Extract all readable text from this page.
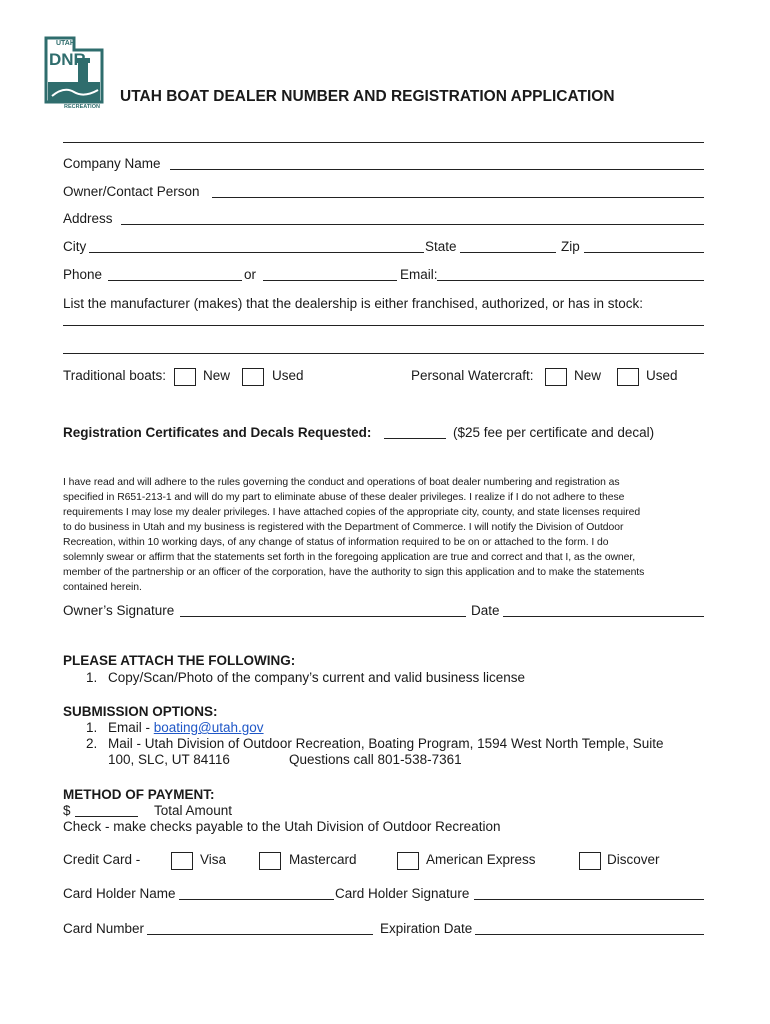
UTAH
DNR
RECREATION
UTAH BOAT DEALER NUMBER AND REGISTRATION APPLICATION
Company Name
Owner/Contact Person
Address
City	State	Zip
Phone	or	Email:
List the manufacturer (makes) that the dealership is either franchised, authorized, or has in stock:
Traditional boats:	New	Used	Personal Watercraft:	New	Used
Registration Certificates and Decals Requested:	($25 fee per certificate and decal)
I have read and will adhere to the rules governing the conduct and operations of boat dealer numbering and registration as
specified in R651-213-1 and will do my part to eliminate abuse of these dealer privileges. I realize if I do not adhere to these
requirements I may lose my dealer privileges. I have attached copies of the appropriate city, county, and state licenses required
to do business in Utah and my business is registered with the Department of Commerce. I will notify the Division of Outdoor
Recreation, within 10 working days, of any change of status of information required to be on or attached to the form. I do
solemnly swear or affirm that the statements set forth in the foregoing application are true and correct and that I, as the owner,
member of the partnership or an officer of the corporation, have the authority to sign this application and to make the statements
contained herein.
Owner’s Signature	Date
PLEASE ATTACH THE FOLLOWING:
1. Copy/Scan/Photo of the company’s current and valid business license
SUBMISSION OPTIONS:
1. Email - boating@utah.gov
2. Mail - Utah Division of Outdoor Recreation, Boating Program, 1594 West North Temple, Suite
100, SLC, UT 84116	Questions call 801-538-7361
METHOD OF PAYMENT:
$	Total Amount
Check - make checks payable to the Utah Division of Outdoor Recreation
Credit Card -	Visa	Mastercard	American Express	Discover
Card Holder Name	Card Holder Signature
Card Number	Expiration Date
